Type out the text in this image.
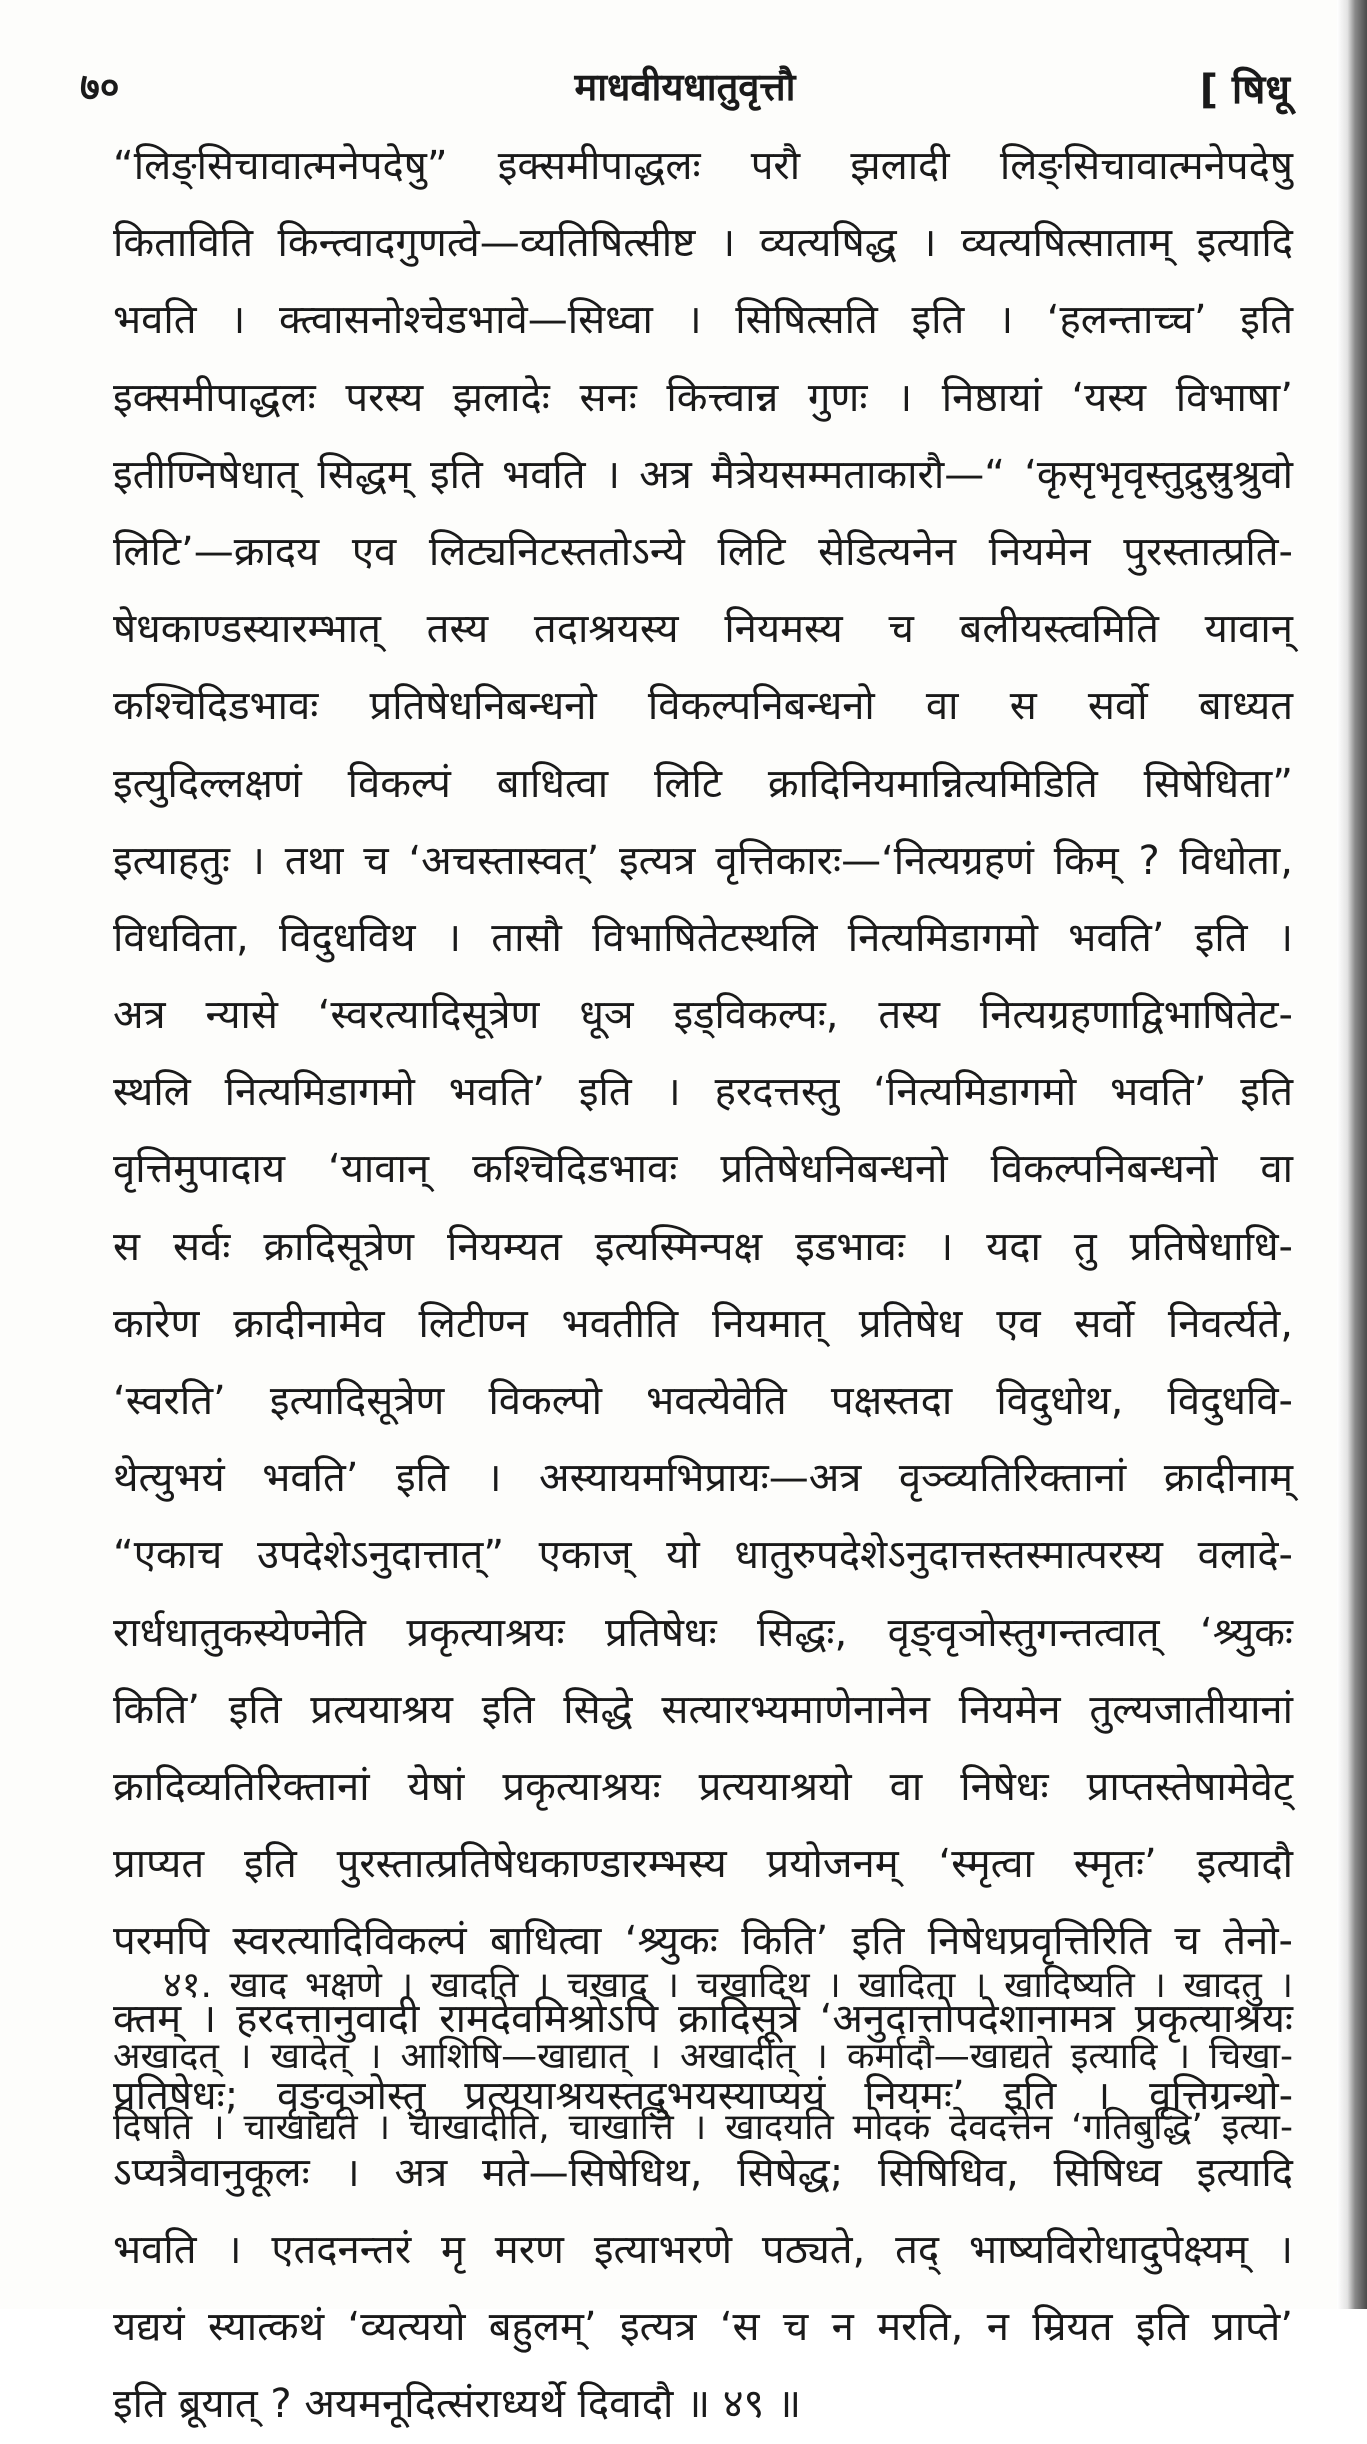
७०	माधवीयधातुवृत्तौ	[ षिधू
“लिङ्सिचावात्मनेपदेषु” इक्समीपाद्धलः परौ झलादी लिङ्सिचावात्मनेपदेषु
किताविति किन्त्वादगुणत्वे—व्यतिषित्सीष्ट । व्यत्यषिद्ध । व्यत्यषित्साताम् इत्यादि
भवति । क्त्वासनोश्चेडभावे—सिध्वा । सिषित्सति इति । ‘हलन्ताच्च’ इति
इक्समीपाद्धलः परस्य झलादेः सनः कित्त्वान्न गुणः । निष्ठायां ‘यस्य विभाषा’
इतीण्निषेधात् सिद्धम् इति भवति । अत्र मैत्रेयसम्मताकारौ—“ ‘कृसृभृवृस्तुद्रुस्रुश्रुवो
लिटि’—क्रादय एव लिट्यनिटस्ततोऽन्ये लिटि सेडित्यनेन नियमेन पुरस्तात्प्रति-
षेधकाण्डस्यारम्भात् तस्य तदाश्रयस्य नियमस्य च बलीयस्त्वमिति यावान्
कश्चिदिडभावः प्रतिषेधनिबन्धनो विकल्पनिबन्धनो वा स सर्वो बाध्यत
इत्युदिल्लक्षणं विकल्पं बाधित्वा लिटि क्रादिनियमान्नित्यमिडिति सिषेधिता”
इत्याहतुः । तथा च ‘अचस्तास्वत्’ इत्यत्र वृत्तिकारः—‘नित्यग्रहणं किम् ? विधोता,
विधविता, विदुधविथ । तासौ विभाषितेटस्थलि नित्यमिडागमो भवति’ इति ।
अत्र न्यासे ‘स्वरत्यादिसूत्रेण धूञ इड्विकल्पः, तस्य नित्यग्रहणाद्विभाषितेट-
स्थलि नित्यमिडागमो भवति’ इति । हरदत्तस्तु ‘नित्यमिडागमो भवति’ इति
वृत्तिमुपादाय ‘यावान् कश्चिदिडभावः प्रतिषेधनिबन्धनो विकल्पनिबन्धनो वा
स सर्वः क्रादिसूत्रेण नियम्यत इत्यस्मिन्पक्ष इडभावः । यदा तु प्रतिषेधाधि-
कारेण क्रादीनामेव लिटीण्न भवतीति नियमात् प्रतिषेध एव सर्वो निवर्त्यते,
‘स्वरति’ इत्यादिसूत्रेण विकल्पो भवत्येवेति पक्षस्तदा विदुधोथ, विदुधवि-
थेत्युभयं भवति’ इति । अस्यायमभिप्रायः—अत्र वृञ्व्यतिरिक्तानां क्रादीनाम्
“एकाच उपदेशेऽनुदात्तात्” एकाज् यो धातुरुपदेशेऽनुदात्तस्तस्मात्परस्य वलादे-
रार्धधातुकस्येण्नेति प्रकृत्याश्रयः प्रतिषेधः सिद्धः, वृङ्वृञोस्तुगन्तत्वात् ‘श्र्युकः
किति’ इति प्रत्ययाश्रय इति सिद्धे सत्यारभ्यमाणेनानेन नियमेन तुल्यजातीयानां
क्रादिव्यतिरिक्तानां येषां प्रकृत्याश्रयः प्रत्ययाश्रयो वा निषेधः प्राप्तस्तेषामेवेट्
प्राप्यत इति पुरस्तात्प्रतिषेधकाण्डारम्भस्य प्रयोजनम् ‘स्मृत्वा स्मृतः’ इत्यादौ
परमपि स्वरत्यादिविकल्पं बाधित्वा ‘श्र्युकः किति’ इति निषेधप्रवृत्तिरिति च तेनो-
क्तम् । हरदत्तानुवादी रामदेवमिश्रोऽपि क्रादिसूत्रे ‘अनुदात्तोपदेशानामत्र प्रकृत्याश्रयः
प्रतिषेधः; वृङ्वृञोस्तु प्रत्ययाश्रयस्तदुभयस्याप्ययं नियमः’ इति । वृत्तिग्रन्थो-
ऽप्यत्रैवानुकूलः । अत्र मते—सिषेधिथ, सिषेद्ध; सिषिधिव, सिषिध्व इत्यादि
भवति । एतदनन्तरं मृ मरण इत्याभरणे पठ्यते, तद् भाष्यविरोधादुपेक्ष्यम् ।
यद्ययं स्यात्कथं ‘व्यत्ययो बहुलम्’ इत्यत्र ‘स च न मरति, न म्रियत इति प्राप्ते’
इति ब्रूयात् ? अयमनूदित्संराध्यर्थे दिवादौ ॥ ४९ ॥
४१. खाद भक्षणे । खादति । चखाद । चखादिथ । खादिता । खादिष्यति । खादतु ।
अखादत् । खादेत् । आशिषि—खाद्यात् । अखादीत् । कर्मादौ—खाद्यते इत्यादि । चिखा-
दिषति । चाखाद्यते । चाखादीति, चाखात्ति । खादयति मोदकं देवदत्तेन ‘गतिबुद्धि’ इत्या-
